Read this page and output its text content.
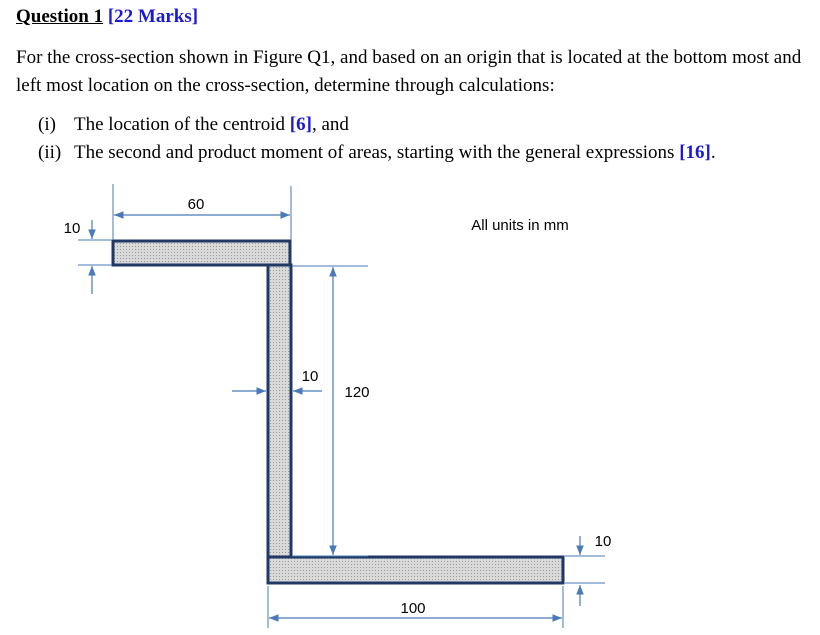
Question 1 [22 Marks]
For the cross-section shown in Figure Q1, and based on an origin that is located at the bottom most and left most location on the cross-section, determine through calculations:
(i) The location of the centroid [6], and
(ii) The second and product moment of areas, starting with the general expressions [16].
60
10
10
120
10
100
All units in mm
